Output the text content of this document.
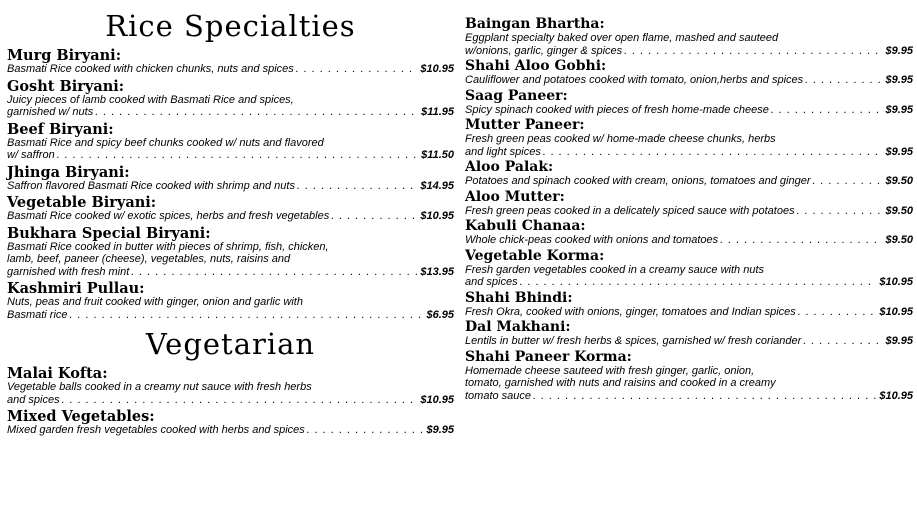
Rice Specialties
Murg Biryani:
Basmati Rice cooked with chicken chunks, nuts and spices . . .	$10.95
Gosht Biryani:
Juicy pieces of lamb cooked with Basmati Rice and spices,
garnished w/ nuts . . .	$11.95
Beef Biryani:
Basmati Rice and spicy beef chunks cooked w/ nuts and flavored
w/ saffron . . .	$11.50
Jhinga Biryani:
Saffron flavored Basmati Rice cooked with shrimp and nuts . . .	$14.95
Vegetable Biryani:
Basmati Rice cooked w/ exotic spices, herbs and fresh vegetables . . .	$10.95
Bukhara Special Biryani:
Basmati Rice cooked in butter with pieces of shrimp, fish, chicken,
lamb, beef, paneer (cheese), vegetables, nuts, raisins and
garnished with fresh mint . . .	$13.95
Kashmiri Pullau:
Nuts, peas and fruit cooked with ginger, onion and garlic with
Basmati rice . . .	$6.95
Vegetarian
Malai Kofta:
Vegetable balls cooked in a creamy nut sauce with fresh herbs
and spices . . .	$10.95
Mixed Vegetables:
Mixed garden fresh vegetables cooked with herbs and spices . . .	$9.95
Baingan Bhartha:
Eggplant specialty baked over open flame, mashed and sauteed
w/onions, garlic, ginger & spices . . .	$9.95
Shahi Aloo Gobhi:
Cauliflower and potatoes cooked with tomato, onion,herbs and spices . . .	$9.95
Saag Paneer:
Spicy spinach cooked with pieces of fresh home-made cheese . . .	$9.95
Mutter Paneer:
Fresh green peas cooked w/ home-made cheese chunks, herbs
and light spices . . .	$9.95
Aloo Palak:
Potatoes and spinach cooked with cream, onions, tomatoes and ginger . . .	$9.50
Aloo Mutter:
Fresh green peas cooked in a delicately spiced sauce with potatoes . . .	$9.50
Kabuli Chanaa:
Whole chick-peas cooked with onions and tomatoes . . .	$9.50
Vegetable Korma:
Fresh garden vegetables cooked in a creamy sauce with nuts
and spices . . .	$10.95
Shahi Bhindi:
Fresh Okra, cooked with onions, ginger, tomatoes and Indian spices . . .	$10.95
Dal Makhani:
Lentils in butter w/ fresh herbs & spices, garnished w/ fresh coriander . . .	$9.95
Shahi Paneer Korma:
Homemade cheese sauteed with fresh ginger, garlic, onion,
tomato, garnished with nuts and raisins and cooked in a creamy
tomato sauce . . .	$10.95
